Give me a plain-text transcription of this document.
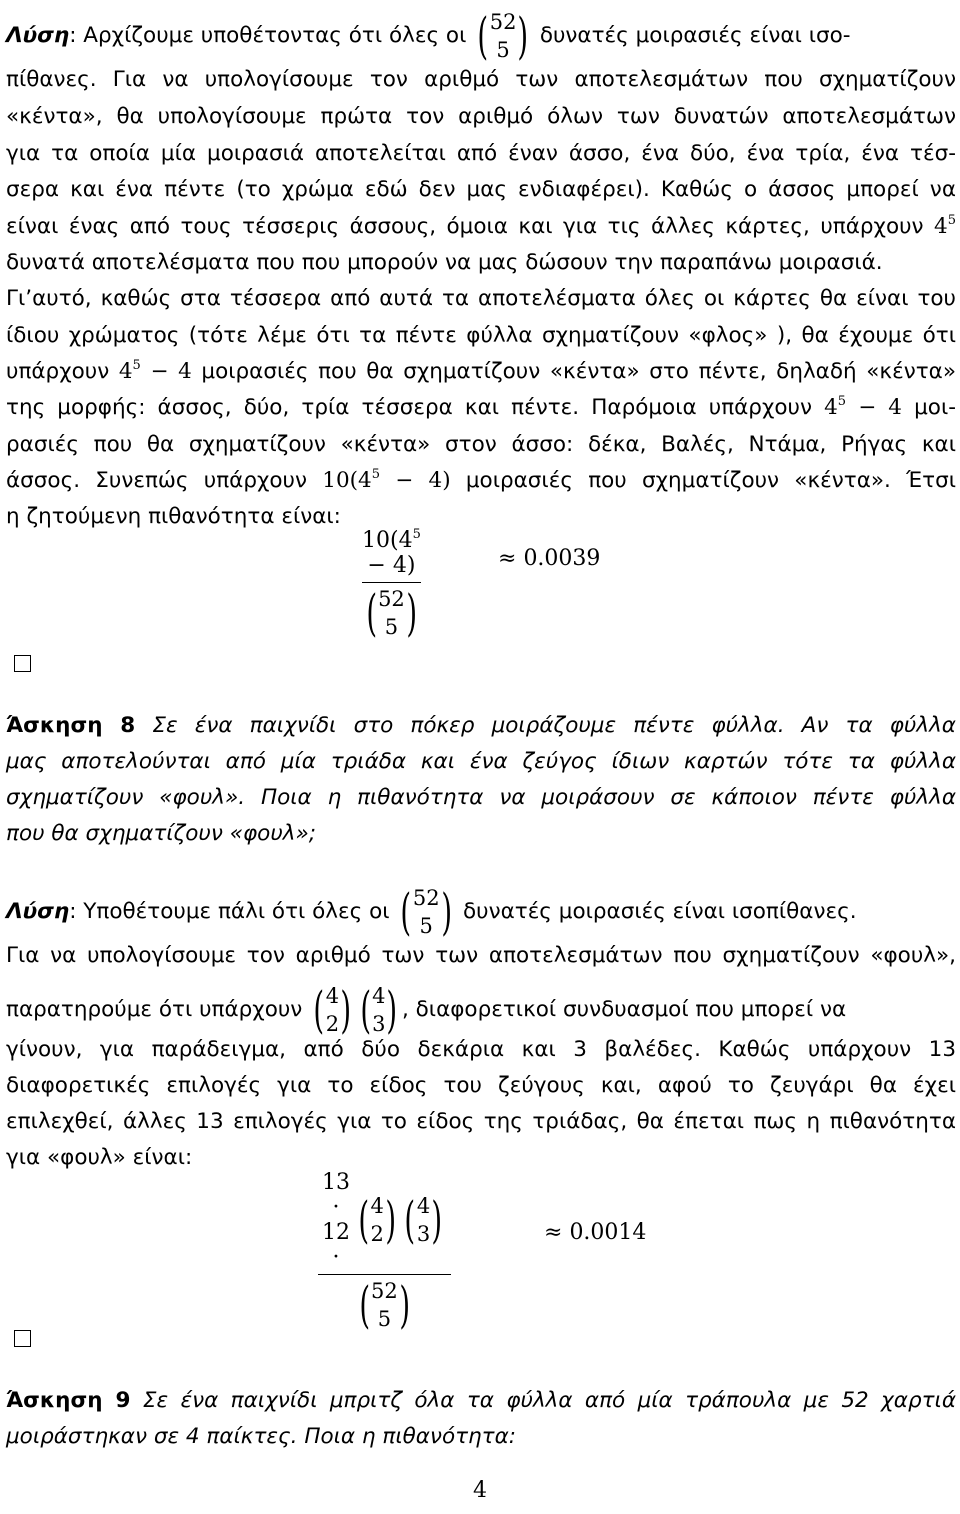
Λύση: Αρχίζουμε υποθέτοντας ότι όλες οι ( 52
5 ) δυνατές μοιρασιές είναι ισο-
πίθανες. Για να υπολογίσουμε τον αριθμό των αποτελεσμάτων που σχηματίζουν
«κέντα», θα υπολογίσουμε πρώτα τον αριθμό όλων των δυνατών αποτελεσμάτων
για τα οποία μία μοιρασιά αποτελείται από έναν άσσο, ένα δύο, ένα τρία, ένα τέσ-
σερα και ένα πέντε (το χρώμα εδώ δεν μας ενδιαφέρει). Καθώς ο άσσος μπορεί να
είναι ένας από τους τέσσερις άσσους, όμοια και για τις άλλες κάρτες, υπάρχουν $4^5$
δυνατά αποτελέσματα που που μπορούν να μας δώσουν την παραπάνω μοιρασιά.
Γι’αυτό, καθώς στα τέσσερα από αυτά τα αποτελέσματα όλες οι κάρτες θα είναι του
ίδιου χρώματος (τότε λέμε ότι τα πέντε φύλλα σχηματίζουν «φλος» ), θα έχουμε ότι
υπάρχουν $4^5 - 4$ μοιρασιές που θα σχηματίζουν «κέντα» στο πέντε, δηλαδή «κέντα»
της μορφής: άσσος, δύο, τρία τέσσερα και πέντε. Παρόμοια υπάρχουν $4^5 - 4$ μοι-
ρασιές που θα σχηματίζουν «κέντα» στον άσσο: δέκα, Βαλές, Ντάμα, Ρήγας και
άσσος. Συνεπώς υπάρχουν $10(4^5 - 4)$ μοιρασιές που σχηματίζουν «κέντα». Έτσι
η ζητούμενη πιθανότητα είναι:
$10(4^5 - 4)$
( 52
5 )	≈ 0.0039
Άσκηση 8 Σε ένα παιχνίδι στο πόκερ μοιράζουμε πέντε φύλλα. Αν τα φύλλα
μας αποτελούνται από μία τριάδα και ένα ζεύγος ίδιων καρτών τότε τα φύλλα
σχηματίζουν «φουλ». Ποια η πιθανότητα να μοιράσουν σε κάποιον πέντε φύλλα
που θα σχηματίζουν «φουλ»;
Λύση: Υποθέτουμε πάλι ότι όλες οι ( 52
5 ) δυνατές μοιρασιές είναι ισοπίθανες.
Για να υπολογίσουμε τον αριθμό των των αποτελεσμάτων που σχηματίζουν «φουλ»,
παρατηρούμε ότι υπάρχουν ( 4
2 ) ( 4
3 ) , διαφορετικοί συνδυασμοί που μπορεί να
γίνουν, για παράδειγμα, από δύο δεκάρια και 3 βαλέδες. Καθώς υπάρχουν 13
διαφορετικές επιλογές για το είδος του ζεύγους και, αφού το ζευγάρι θα έχει
επιλεχθεί, άλλες 13 επιλογές για το είδος της τριάδας, θα έπεται πως η πιθανότητα
για «φουλ» είναι:
13 · 12 ·
( 4
2 ) ( 4
3 )
( 52
5 )	≈ 0.0014
Άσκηση 9 Σε ένα παιχνίδι μπριτζ όλα τα φύλλα από μία τράπουλα με 52 χαρτιά
μοιράστηκαν σε 4 παίκτες. Ποια η πιθανότητα:
4
